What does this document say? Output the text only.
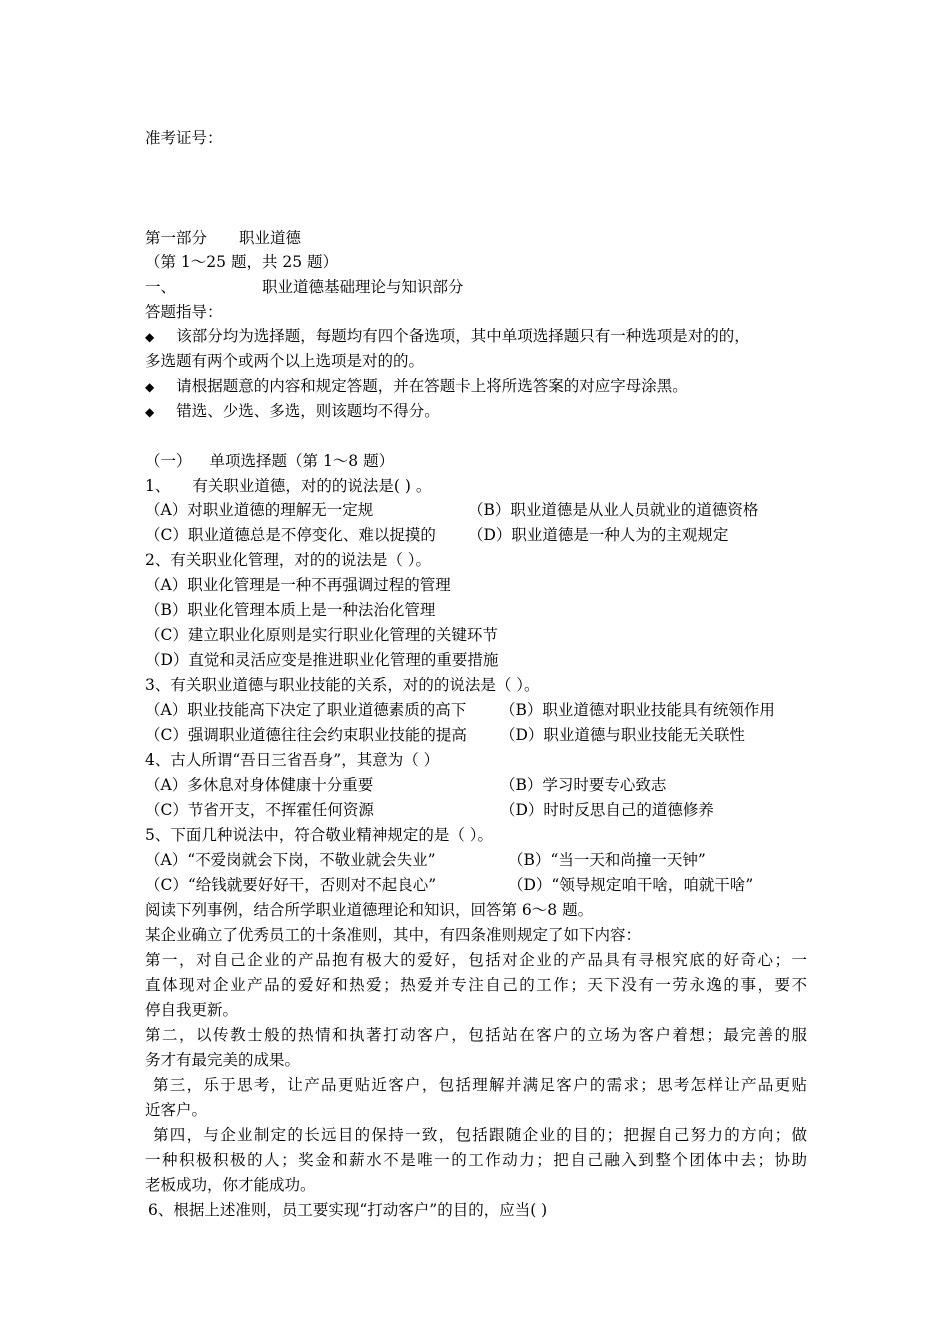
准考证号：
第一部分 职业道德
（第 1～25 题，共 25 题）
一、	职业道德基础理论与知识部分
答题指导：
◆ 该部分均为选择题，每题均有四个备选项，其中单项选择题只有一种选项是对的的，
多选题有两个或两个以上选项是对的的。
◆ 请根据题意的内容和规定答题，并在答题卡上将所选答案的对应字母涂黑。
◆ 错选、少选、多选，则该题均不得分。
（一） 单项选择题（第 1～8 题）
1、 有关职业道德，对的的说法是( ) 。
（A）对职业道德的理解无一定规	（B）职业道德是从业人员就业的道德资格
（C）职业道德总是不停变化、难以捉摸的 （D）职业道德是一种人为的主观规定
2、有关职业化管理，对的的说法是（ ）。
（A）职业化管理是一种不再强调过程的管理
（B）职业化管理本质上是一种法治化管理
（C）建立职业化原则是实行职业化管理的关键环节
（D）直觉和灵活应变是推进职业化管理的重要措施
3、有关职业道德与职业技能的关系，对的的说法是（ ）。
（A）职业技能高下决定了职业道德素质的高下 （B）职业道德对职业技能具有统领作用
（C）强调职业道德往往会约束职业技能的提高 （D）职业道德与职业技能无关联性
4、古人所谓“吾日三省吾身”，其意为（ ）
（A）多休息对身体健康十分重要	（B）学习时要专心致志
（C）节省开支，不挥霍任何资源	（D）时时反思自己的道德修养
5、下面几种说法中，符合敬业精神规定的是（ ）。
（A）“不爱岗就会下岗，不敬业就会失业”	（B）“当一天和尚撞一天钟”
（C）“给钱就要好好干，否则对不起良心”	（D）“领导规定咱干啥，咱就干啥”
阅读下列事例，结合所学职业道德理论和知识，回答第 6～8 题。
某企业确立了优秀员工的十条准则，其中，有四条准则规定了如下内容：
第一，对自己企业的产品抱有极大的爱好，包括对企业的产品具有寻根究底的好奇心；一
直体现对企业产品的爱好和热爱；热爱并专注自己的工作；天下没有一劳永逸的事，要不
停自我更新。
第二，以传教士般的热情和执著打动客户，包括站在客户的立场为客户着想；最完善的服
务才有最完美的成果。
第三，乐于思考，让产品更贴近客户，包括理解并满足客户的需求；思考怎样让产品更贴
近客户。
第四，与企业制定的长远目的保持一致，包括跟随企业的目的；把握自己努力的方向；做
一种积极积极的人；奖金和薪水不是唯一的工作动力；把自己融入到整个团体中去；协助
老板成功，你才能成功。
6、根据上述准则，员工要实现“打动客户”的目的，应当( )
